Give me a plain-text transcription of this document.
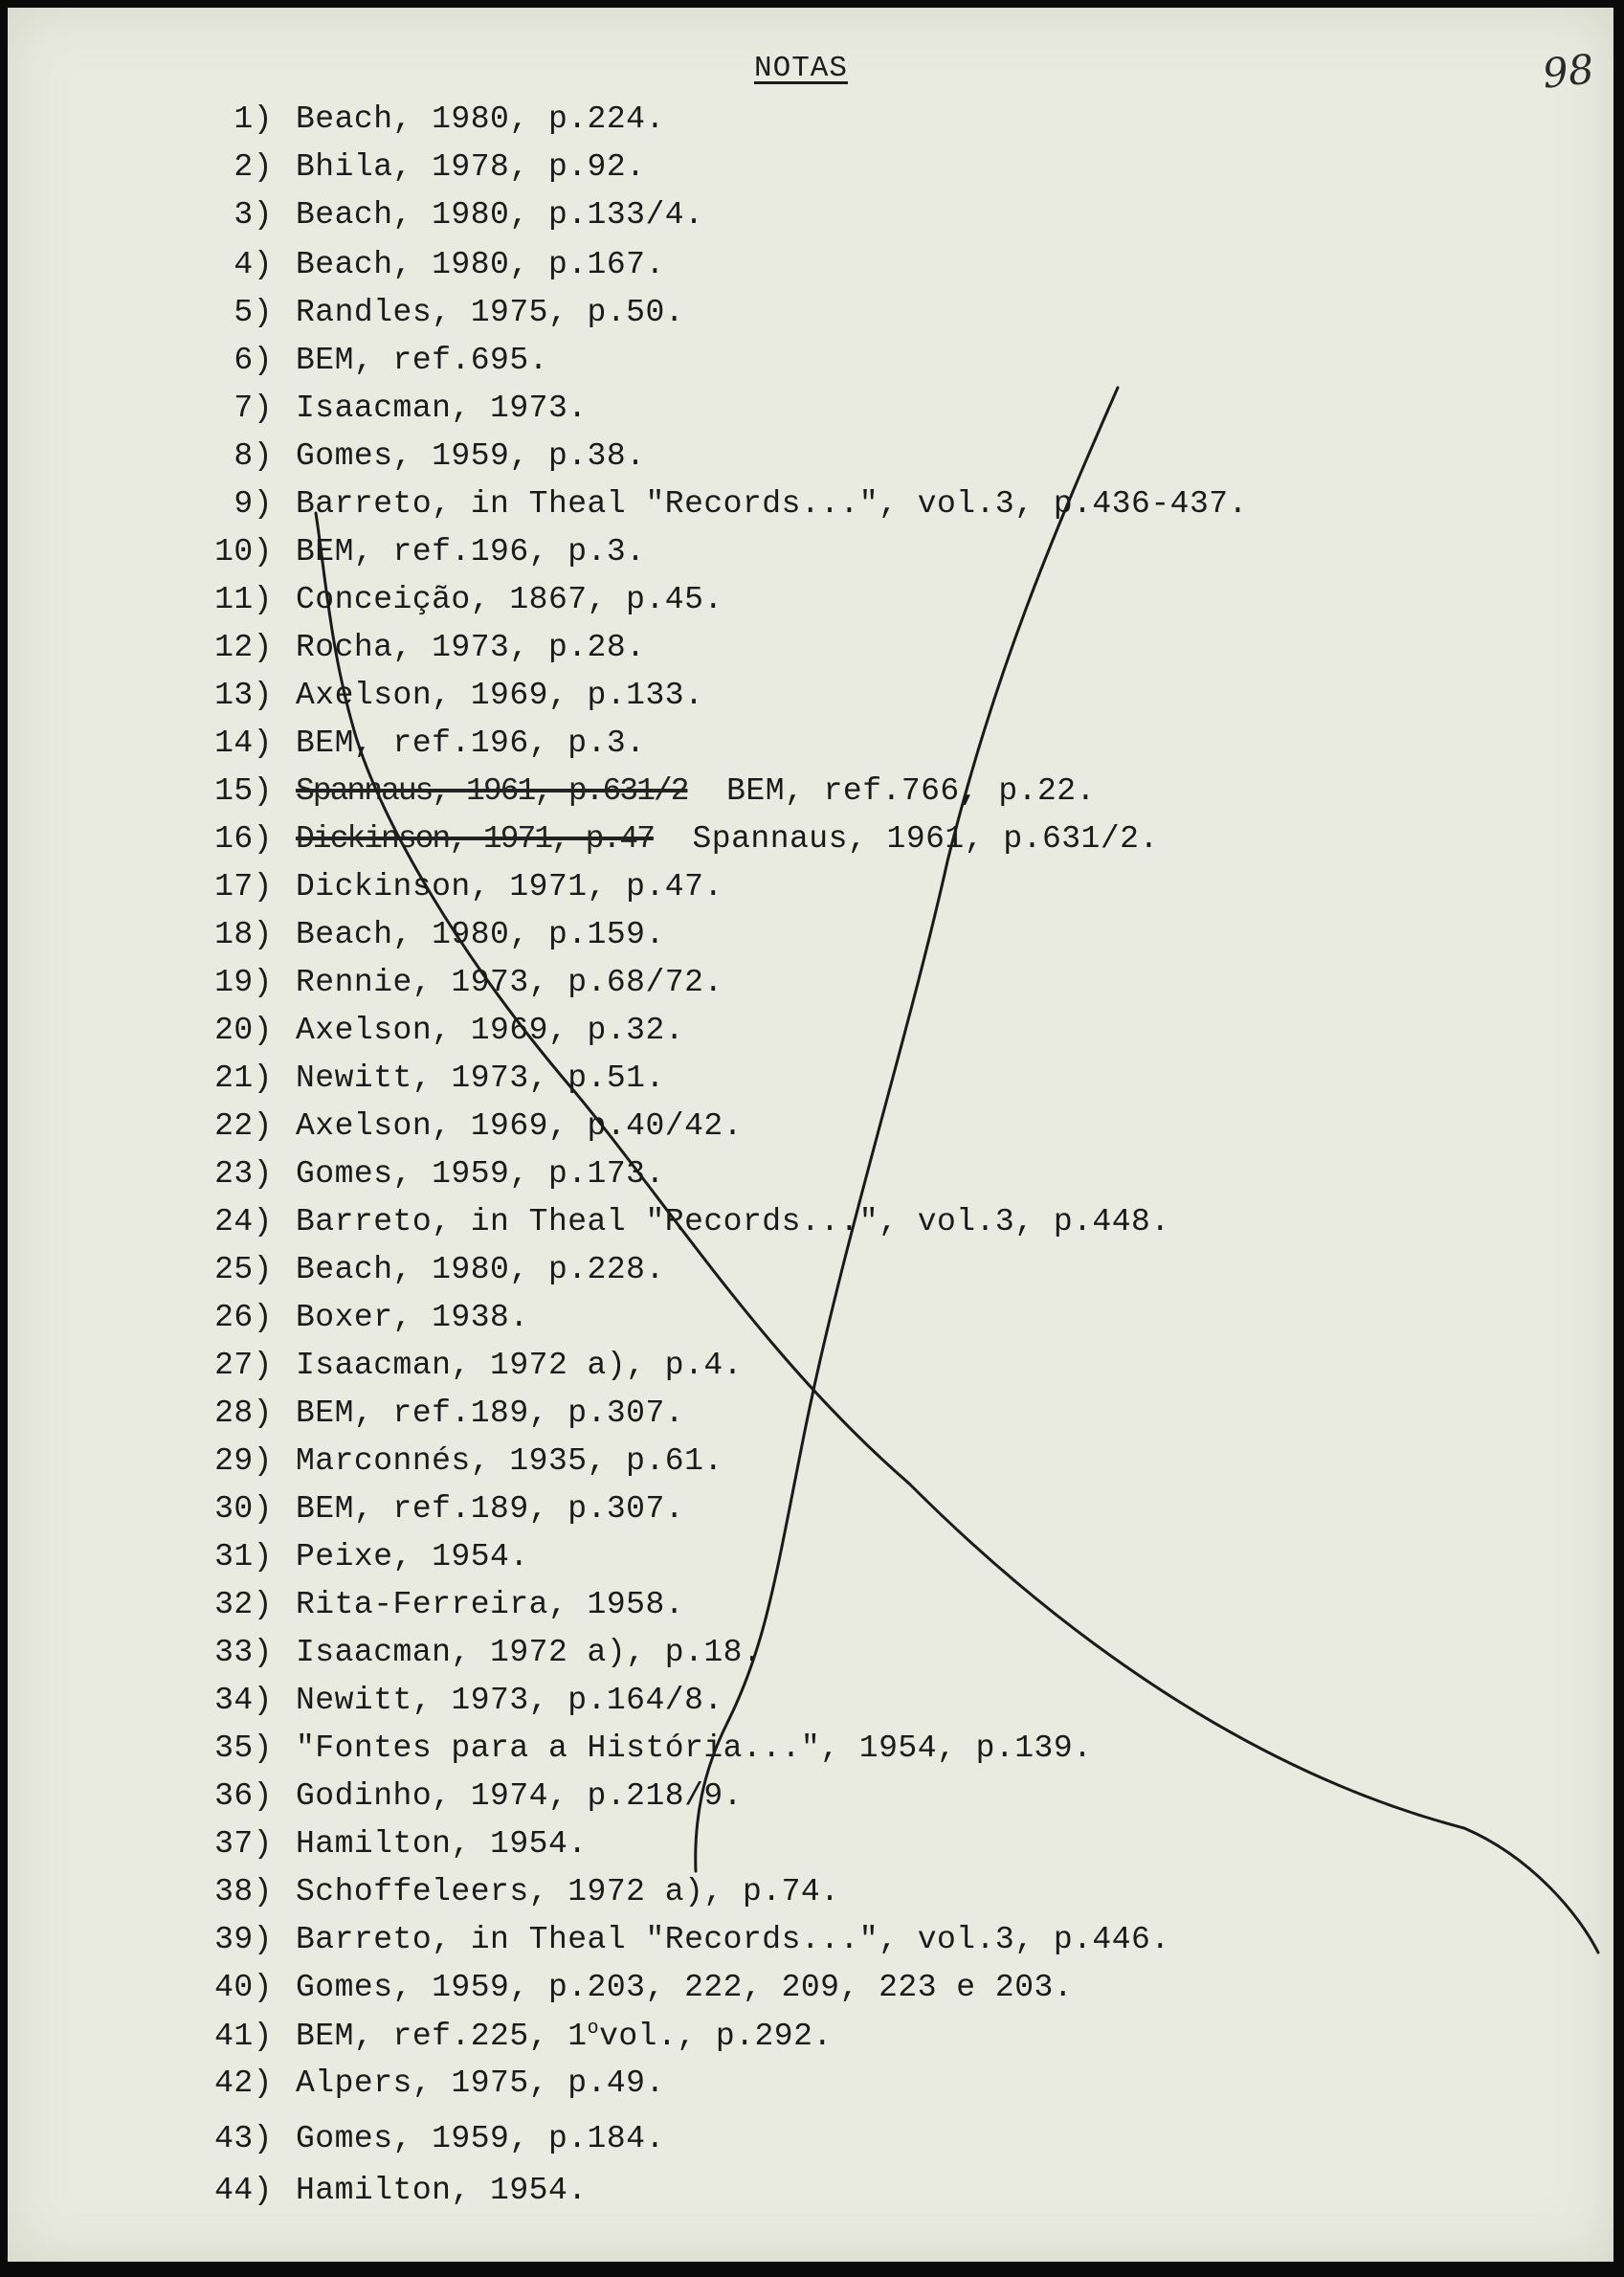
NOTAS	98
1) Beach, 1980, p.224.
2) Bhila, 1978, p.92.
3) Beach, 1980, p.133/4.
4) Beach, 1980, p.167.
5) Randles, 1975, p.50.
6) BEM, ref.695.
7) Isaacman, 1973.
8) Gomes, 1959, p.38.
9) Barreto, in Theal "Records...", vol.3, p.436-437.
10) BEM, ref.196, p.3.
11) Conceição, 1867, p.45.
12) Rocha, 1973, p.28.
13) Axelson, 1969, p.133.
14) BEM, ref.196, p.3.
15) Spannaus, 1961, p.631/2 BEM, ref.766, p.22.
16) Dickinson, 1971, p.47 Spannaus, 1961, p.631/2.
17) Dickinson, 1971, p.47.
18) Beach, 1980, p.159.
19) Rennie, 1973, p.68/72.
20) Axelson, 1969, p.32.
21) Newitt, 1973, p.51.
22) Axelson, 1969, p.40/42.
23) Gomes, 1959, p.173.
24) Barreto, in Theal "Records...", vol.3, p.448.
25) Beach, 1980, p.228.
26) Boxer, 1938.
27) Isaacman, 1972 a), p.4.
28) BEM, ref.189, p.307.
29) Marconnés, 1935, p.61.
30) BEM, ref.189, p.307.
31) Peixe, 1954.
32) Rita-Ferreira, 1958.
33) Isaacman, 1972 a), p.18.
34) Newitt, 1973, p.164/8.
35) "Fontes para a História...", 1954, p.139.
36) Godinho, 1974, p.218/9.
37) Hamilton, 1954.
38) Schoffeleers, 1972 a), p.74.
39) Barreto, in Theal "Records...", vol.3, p.446.
40) Gomes, 1959, p.203, 222, 209, 223 e 203.
41) BEM, ref.225, 1$^o$vol., p.292.
42) Alpers, 1975, p.49.
43) Gomes, 1959, p.184.
44) Hamilton, 1954.
